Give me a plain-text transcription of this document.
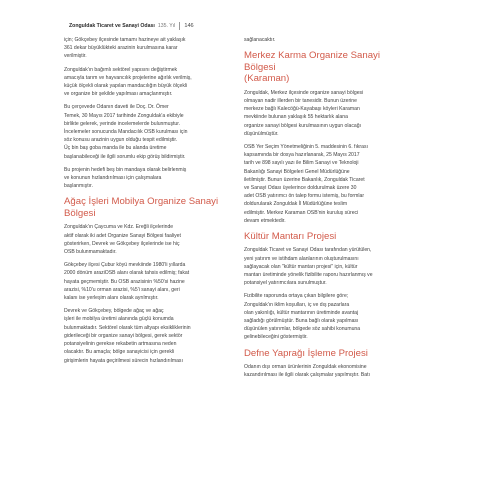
Zonguldak Ticaret ve Sanayi Odası 135. Yıl 146

için; Gökçebey ilçesinde tamamı hazineye ait yaklaşık
361 dekar büyüklükteki arazinin kurulmasına karar
verilmiştir.

Zonguldak'ın bağımlı sektörel yapısını değiştirmek
amacıyla tarım ve hayvancılık projelerine ağırlık verilmiş,
küçük ölçekli olarak yapılan mandacılığın büyük ölçekli
ve organize bir şekilde yapılması amaçlanmıştır.

Bu çerçevede Odanın daveti ile Doç. Dr. Ömer
Temek, 30 Mayıs 2017 tarihinde Zonguldak'a ekibiyle
birlikte gelerek, yerinde incelemelerde bulunmuştur.
İncelemeler sonucunda Mandacılık OSB kurulması için
söz konusu arazinin uygun olduğu tespit edilmiştir.
Üç bin baş goba manda ile bu alanda üretime
başlanabileceği ile ilgili sorumlu ekip görüş bildirmiştir.

Bu projenin hedefi beş bin mandaya olarak belirlenmiş
ve konunun hızlandırılması için çalışmalara
başlanmıştır.

Ağaç İşleri Mobilya Organize Sanayi
Bölgesi

Zonguldak'ın Çaycuma ve Kdz. Ereğli ilçelerinde
aktif olarak iki adet Organize Sanayi Bölgesi faaliyet
gösterirken, Devrek ve Gökçebey ilçelerinde ise hiç
OSB bulunmamaktadır.

Gökçebey ilçesi Çubur köyü mevkiinde 1980'li yıllarda
2000 dönüm araziOSB alanı olarak tahsis edilmiş; fakat
hayata geçmemiştir. Bu OSB arazisinin %50'si hazine
arazisi, %10'u orman arazisi, %5'i sanayi alanı, geri
kalanı ise yerleşim alanı olarak ayrılmıştır.

Devrek ve Gökçebey, bölgede ağaç ve ağaç
işleri ile mobilya üretimi alanında güçlü konumda
bulunmaktadır. Sektörel olarak tüm altyapı eksikliklerinin
giderileceği bir organize sanayi bölgesi, gerek sektör
potansiyelinin gerekse rekabetin artmasına neden
olacaktır. Bu amaçla; bölge sanayicisi için gerekli
girişimlerin hayata geçirilmesi sürecin hızlandırılması

sağlanacaktır.

Merkez Karma Organize Sanayi Bölgesi
(Karaman)

Zonguldak, Merkez ilçesinde organize sanayi bölgesi
olmayan nadir illerden bir tanesidir. Bunun üzerine
merkeze bağlı Kalecöğü-Kayabaşı köyleri Karaman
mevkiinde bulunan yaklaşık 55 hektarlık alana
organize sanayi bölgesi kurulmasının uygun olacağı
düşünülmüştür.

OSB Yer Seçim Yönetmeliğinin 5. maddesinin 6. fıkrası
kapsamında bir dosya hazırlanarak, 25 Mayıs 2017
tarih ve 898 sayılı yazı ile Bilim Sanayi ve Teknoloji
Bakanlığı Sanayi Bölgeleri Genel Müdürlüğüne
iletilmiştir. Bunun üzerine Bakanlık, Zonguldak Ticaret
ve Sanayi Odası üyelerince doldurulmak üzere 30
adet OSB yatırımcı ön talep formu istemiş, bu formlar
doldurularak Zonguldak İl Müdürlüğüne teslim
edilmiştir. Merkez Karaman OSB'nin kuruluş süreci
devam etmektedir.

Kültür Mantarı Projesi

Zonguldak Ticaret ve Sanayi Odası tarafından yürütülen,
yeni yatırım ve istihdam alanlarının oluşturulmasını
sağlayacak olan "kültür mantarı projesi" için, kültür
mantarı üretiminde yönelik fizibilite raporu hazırlanmış ve
potansiyel yatırımcılara sunulmuştur.

Fizibilite raporunda ortaya çıkan bilgilere göre;
Zonguldak'ın iklim koşulları, iç ve dış pazarlara
olan yakınlığı, kültür mantarının üretiminde avantaj
sağladığı görülmüştür. Buna bağlı olarak yapılması
düşünülen yatırımlar, bölgede söz sahibi konumuna
gelinebileceğini göstermiştir.

Defne Yaprağı İşleme Projesi

Odanın dışı orman ürünlerinin Zonguldak ekonomisine
kazandırılması ile ilgili olarak çalışmalar yapılmıştır. Batı
